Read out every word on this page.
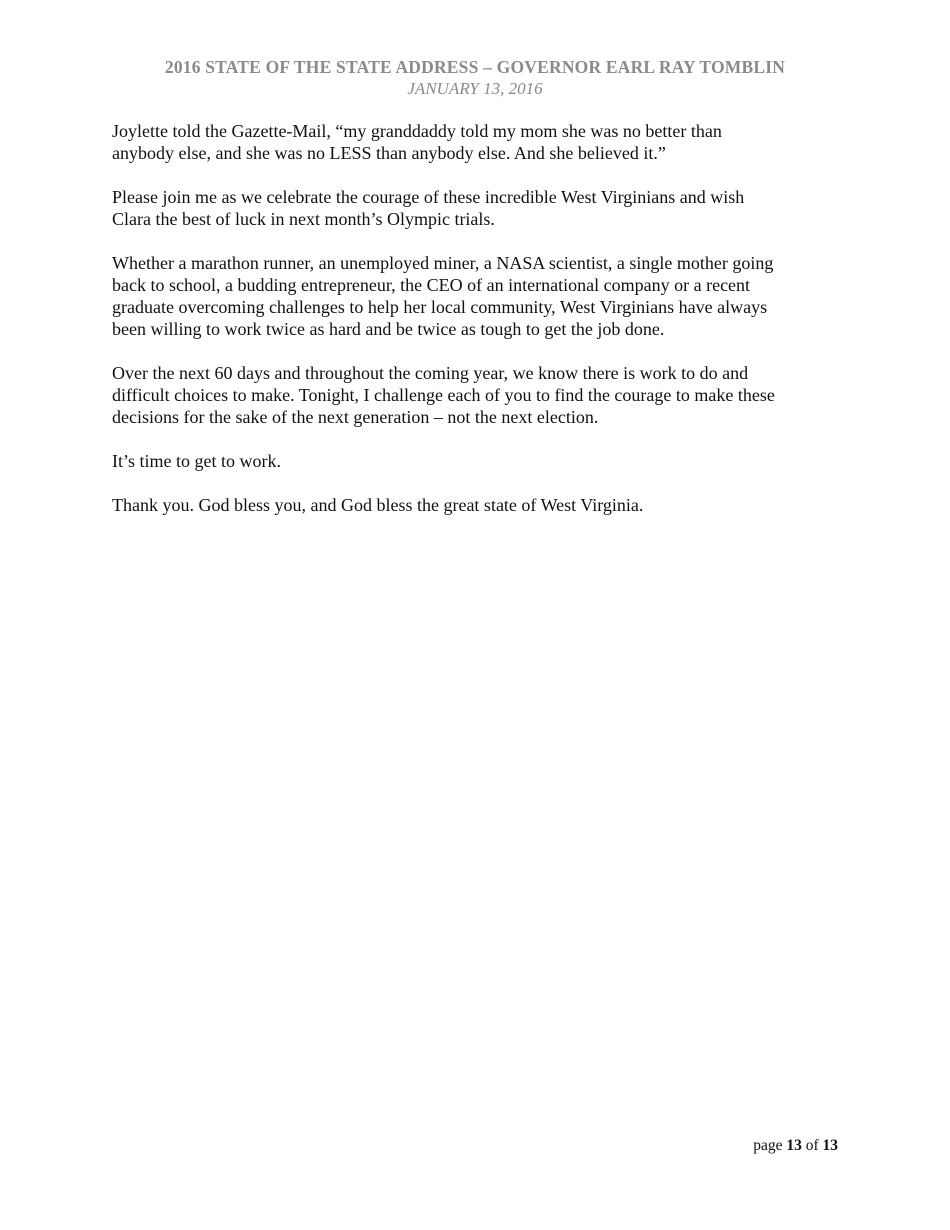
2016 STATE OF THE STATE ADDRESS – GOVERNOR EARL RAY TOMBLIN
JANUARY 13, 2016

Joylette told the Gazette-Mail, “my granddaddy told my mom she was no better than
anybody else, and she was no LESS than anybody else. And she believed it.”

Please join me as we celebrate the courage of these incredible West Virginians and wish
Clara the best of luck in next month’s Olympic trials.

Whether a marathon runner, an unemployed miner, a NASA scientist, a single mother going
back to school, a budding entrepreneur, the CEO of an international company or a recent
graduate overcoming challenges to help her local community, West Virginians have always
been willing to work twice as hard and be twice as tough to get the job done.

Over the next 60 days and throughout the coming year, we know there is work to do and
difficult choices to make. Tonight, I challenge each of you to find the courage to make these
decisions for the sake of the next generation – not the next election.

It’s time to get to work.

Thank you. God bless you, and God bless the great state of West Virginia.

page 13 of 13
